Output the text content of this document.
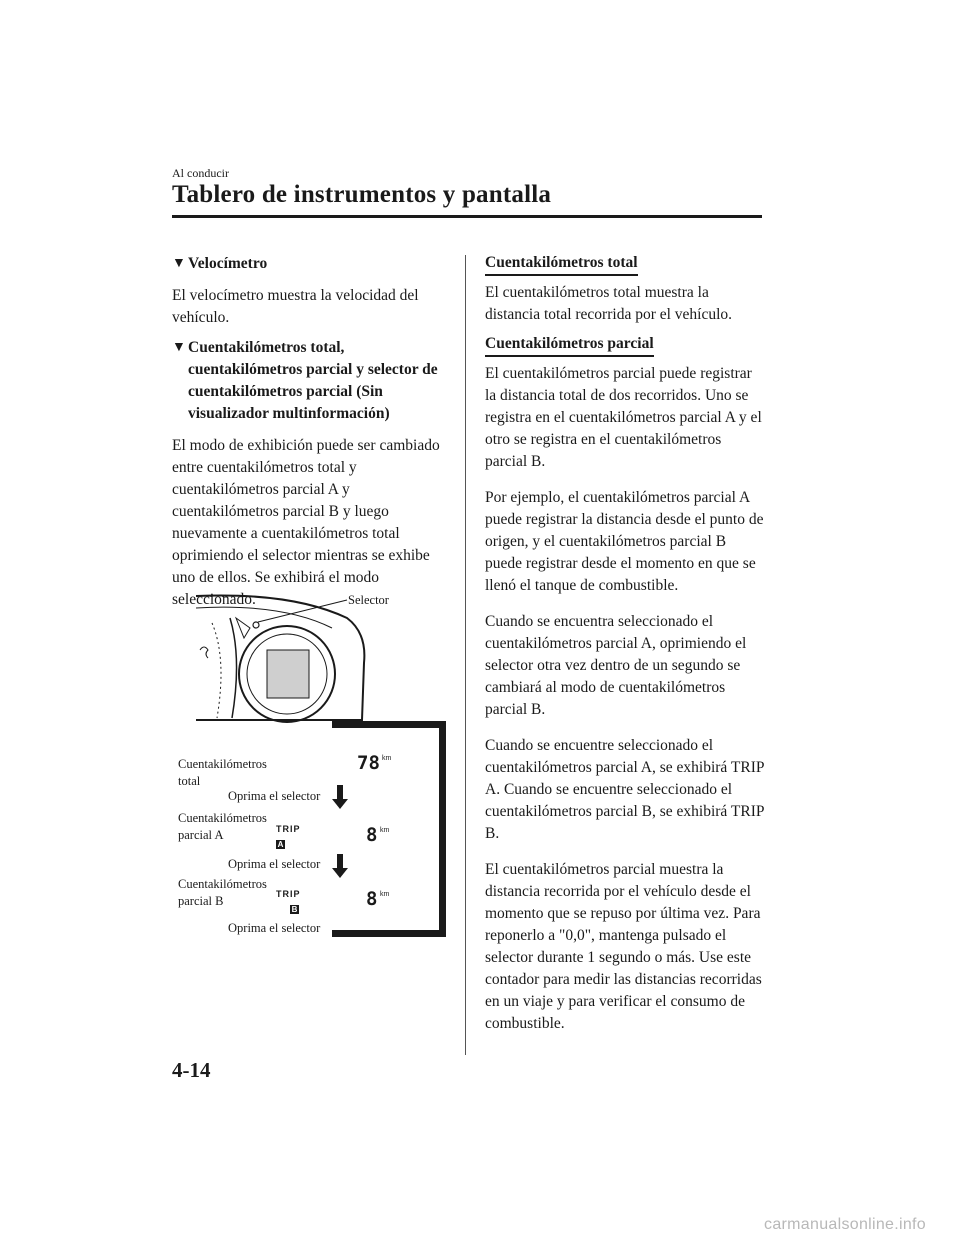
Al conducir
Tablero de instrumentos y pantalla
▼ Velocímetro

El velocímetro muestra la velocidad del vehículo.

▼ Cuentakilómetros total, cuentakilómetros parcial y selector de cuentakilómetros parcial (Sin visualizador multinformación)

El modo de exhibición puede ser cambiado entre cuentakilómetros total y cuentakilómetros parcial A y cuentakilómetros parcial B y luego nuevamente a cuentakilómetros total oprimiendo el selector mientras se exhibe uno de ellos. Se exhibirá el modo seleccionado.	Selector
Cuentakilómetros
total
78 km
Oprima el selector
Cuentakilómetros
parcial A	TRIP
A	8 km
Oprima el selector
Cuentakilómetros
parcial B	TRIP
B	8 km
Oprima el selector

Cuentakilómetros total

El cuentakilómetros total muestra la distancia total recorrida por el vehículo.

Cuentakilómetros parcial

El cuentakilómetros parcial puede registrar la distancia total de dos recorridos. Uno se registra en el cuentakilómetros parcial A y el otro se registra en el cuentakilómetros parcial B.

Por ejemplo, el cuentakilómetros parcial A puede registrar la distancia desde el punto de origen, y el cuentakilómetros parcial B puede registrar desde el momento en que se llenó el tanque de combustible.

Cuando se encuentra seleccionado el cuentakilómetros parcial A, oprimiendo el selector otra vez dentro de un segundo se cambiará al modo de cuentakilómetros parcial B.

Cuando se encuentre seleccionado el cuentakilómetros parcial A, se exhibirá TRIP A. Cuando se encuentre seleccionado el cuentakilómetros parcial B, se exhibirá TRIP B.

El cuentakilómetros parcial muestra la distancia recorrida por el vehículo desde el momento que se repuso por última vez. Para reponerlo a "0,0", mantenga pulsado el selector durante 1 segundo o más. Use este contador para medir las distancias recorridas en un viaje y para verificar el consumo de combustible.

4-14
carmanualsonline.info
